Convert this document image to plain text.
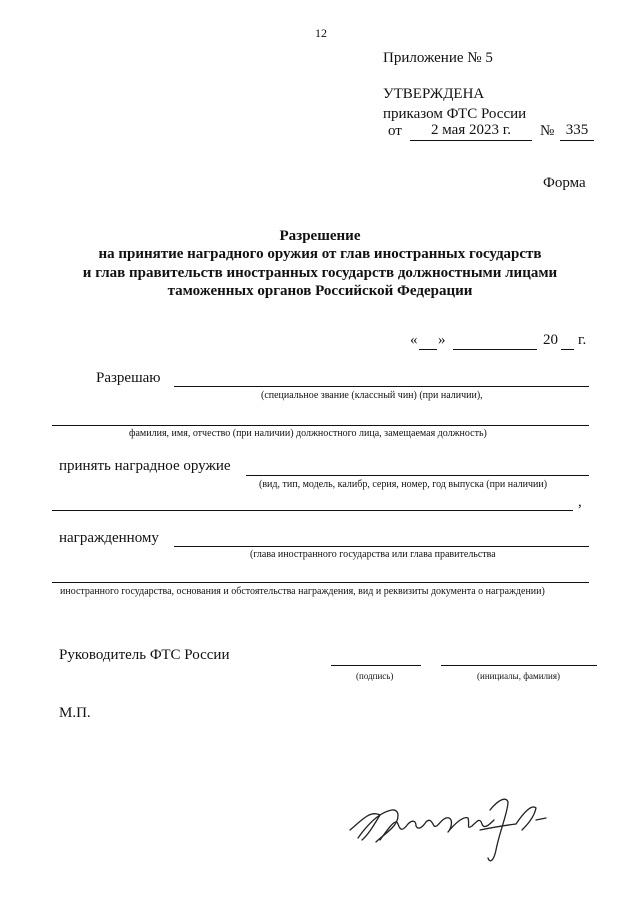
12
Приложение № 5
УТВЕРЖДЕНА
приказом ФТС России
от	2 мая 2023 г.	№ 335
Форма
Разрешение
на принятие наградного оружия от глав иностранных государств
и глав правительств иностранных государств должностными лицами
таможенных органов Российской Федерации
« »	20 г.
Разрешаю
(специальное звание (классный чин) (при наличии),
фамилия, имя, отчество (при наличии) должностного лица, замещаемая должность)
принять наградное оружие
(вид, тип, модель, калибр, серия, номер, год выпуска (при наличии)
,
награжденному
(глава иностранного государства или глава правительства
иностранного государства, основания и обстоятельства награждения, вид и реквизиты документа о награждении)
Руководитель ФТС России
(подпись)	(инициалы, фамилия)
М.П.
